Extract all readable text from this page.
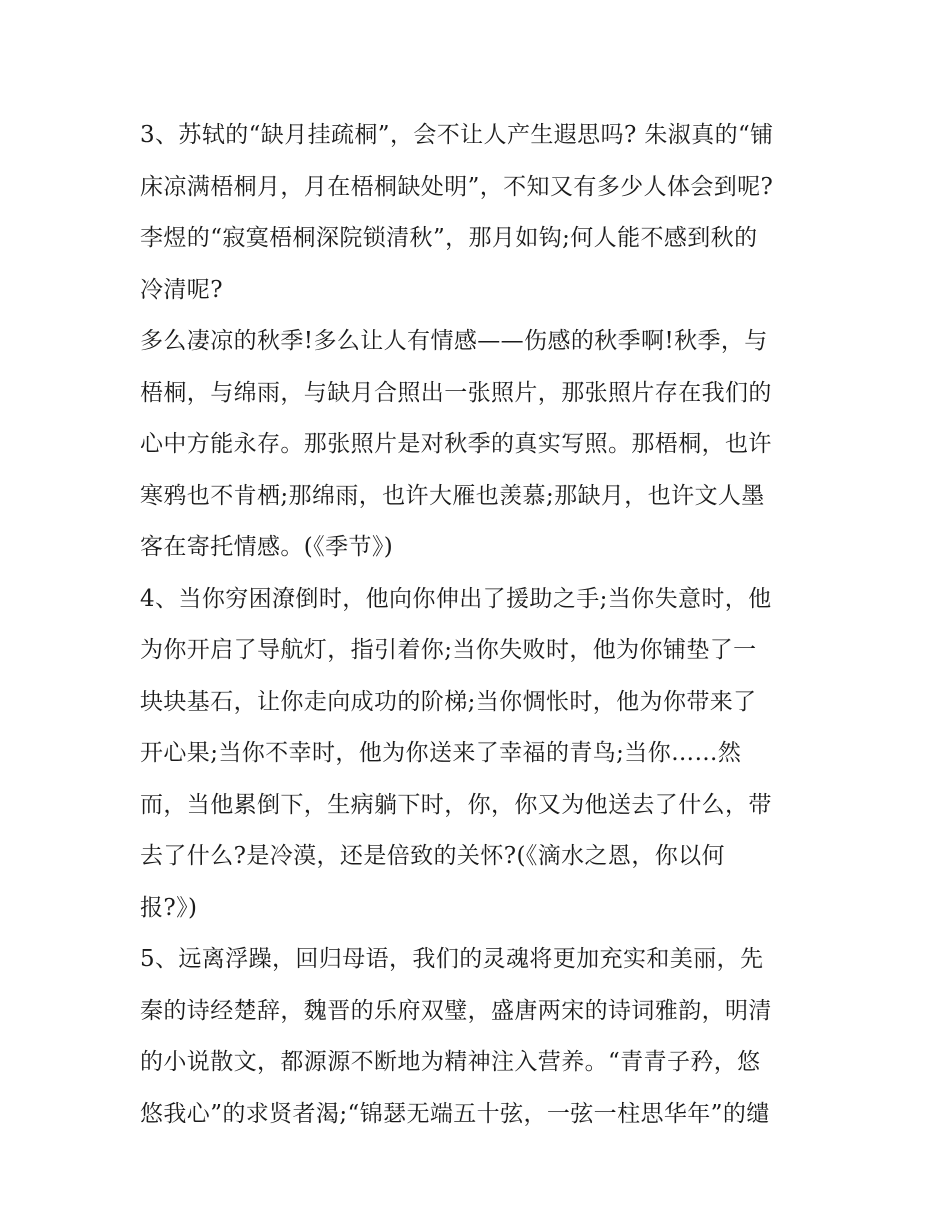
3、苏轼的“缺月挂疏桐”，会不让人产生遐思吗? 朱淑真的“铺
床凉满梧桐月，月在梧桐缺处明”，不知又有多少人体会到呢?
李煜的“寂寞梧桐深院锁清秋”，那月如钩;何人能不感到秋的
冷清呢?
多么凄凉的秋季!多么让人有情感——伤感的秋季啊!秋季，与
梧桐，与绵雨，与缺月合照出一张照片，那张照片存在我们的
心中方能永存。那张照片是对秋季的真实写照。那梧桐，也许
寒鸦也不肯栖;那绵雨，也许大雁也羡慕;那缺月，也许文人墨
客在寄托情感。(《季节》)
4、当你穷困潦倒时，他向你伸出了援助之手;当你失意时，他
为你开启了导航灯，指引着你;当你失败时，他为你铺垫了一
块块基石，让你走向成功的阶梯;当你惆怅时，他为你带来了
开心果;当你不幸时，他为你送来了幸福的青鸟;当你……然
而，当他累倒下，生病躺下时，你，你又为他送去了什么，带
去了什么?是冷漠，还是倍致的关怀?(《滴水之恩，你以何
报?》)
5、远离浮躁，回归母语，我们的灵魂将更加充实和美丽，先
秦的诗经楚辞，魏晋的乐府双璧，盛唐两宋的诗词雅韵，明清
的小说散文，都源源不断地为精神注入营养。“青青子矜，悠
悠我心”的求贤者渴;“锦瑟无端五十弦，一弦一柱思华年”的缱
